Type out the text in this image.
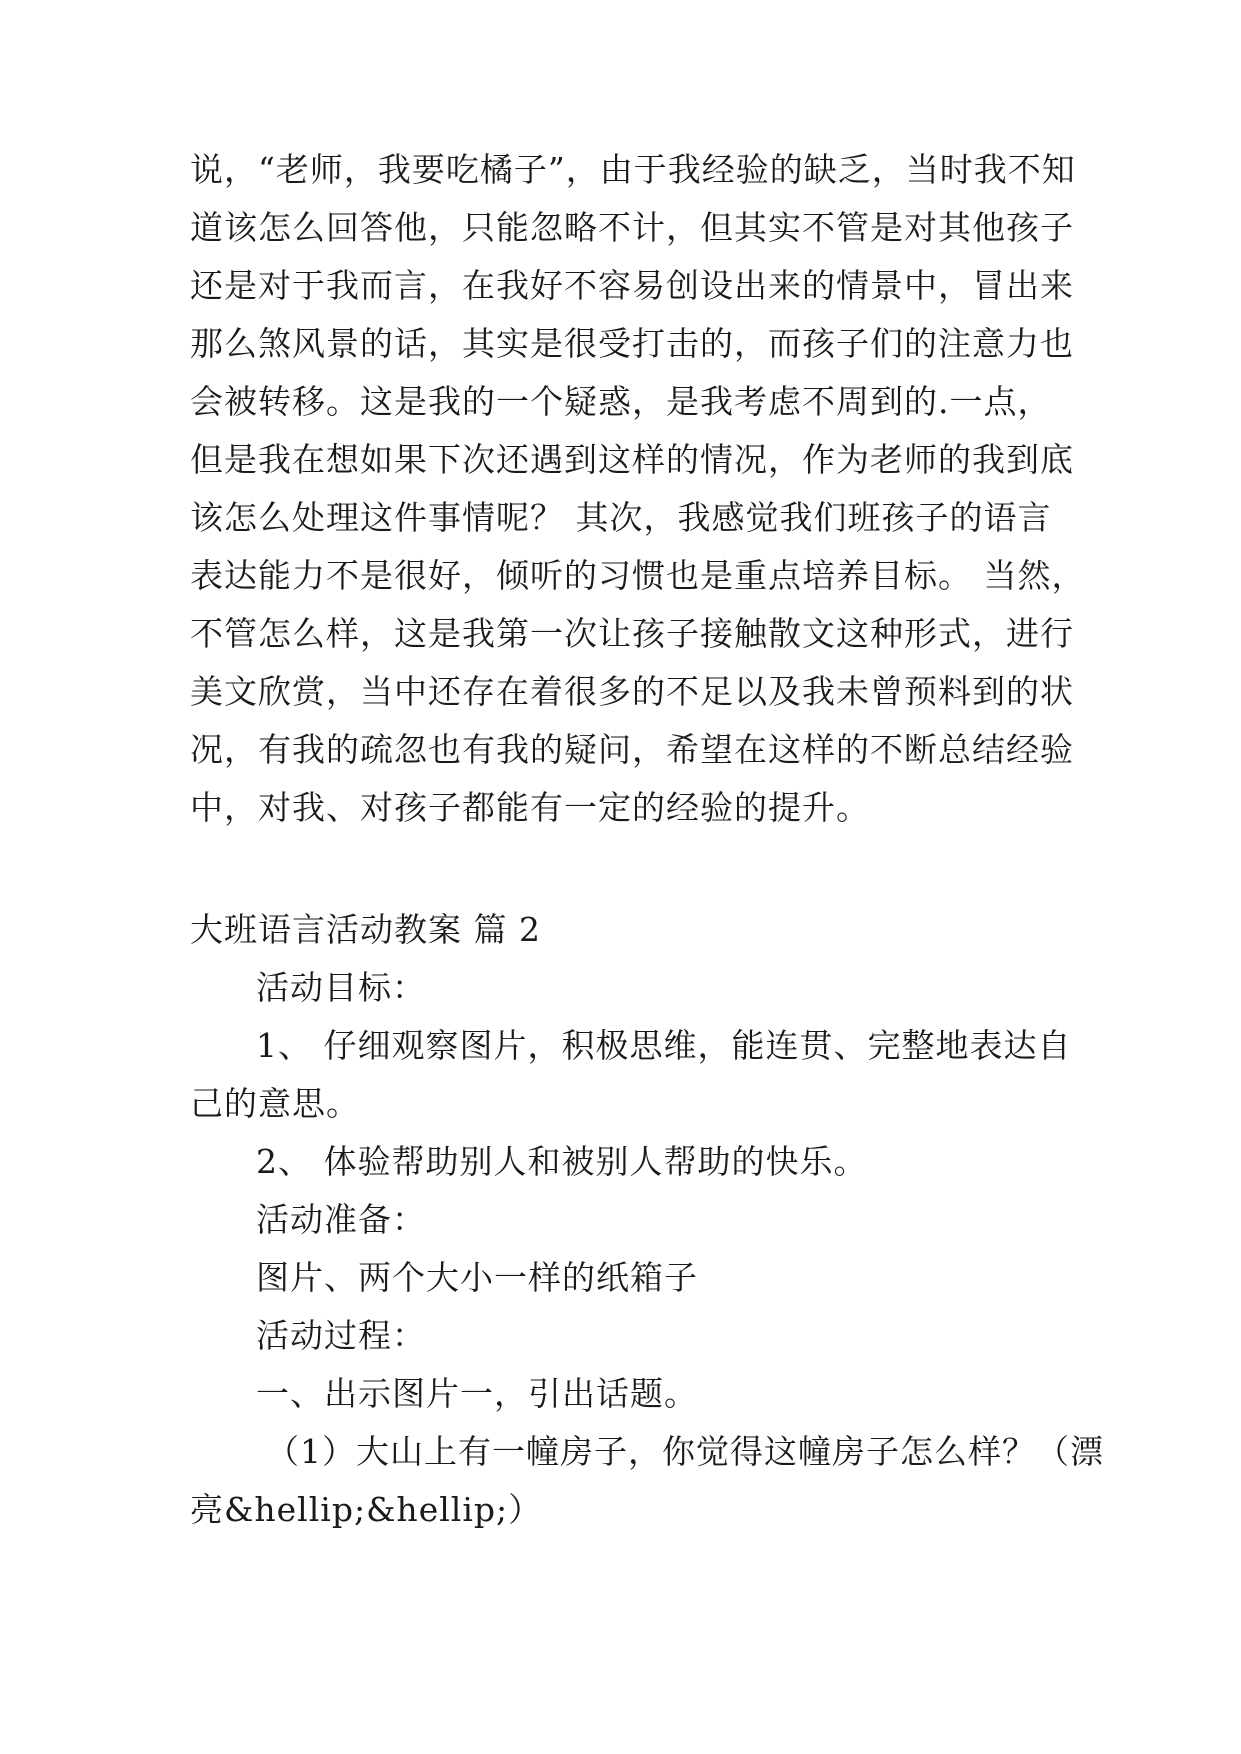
说，“老师，我要吃橘子”，由于我经验的缺乏，当时我不知
道该怎么回答他，只能忽略不计，但其实不管是对其他孩子
还是对于我而言，在我好不容易创设出来的情景中，冒出来
那么煞风景的话，其实是很受打击的，而孩子们的注意力也
会被转移。这是我的一个疑惑，是我考虑不周到的.一点，
但是我在想如果下次还遇到这样的情况，作为老师的我到底
该怎么处理这件事情呢？ 其次，我感觉我们班孩子的语言
表达能力不是很好，倾听的习惯也是重点培养目标。 当然，
不管怎么样，这是我第一次让孩子接触散文这种形式，进行
美文欣赏，当中还存在着很多的不足以及我未曾预料到的状
况，有我的疏忽也有我的疑问，希望在这样的不断总结经验
中，对我、对孩子都能有一定的经验的提升。
大班语言活动教案 篇 2
活动目标：
1、 仔细观察图片，积极思维，能连贯、完整地表达自
己的意思。
2、 体验帮助别人和被别人帮助的快乐。
活动准备：
图片、两个大小一样的纸箱子
活动过程：
一、出示图片一，引出话题。
（1）大山上有一幢房子，你觉得这幢房子怎么样？（漂
亮&hellip;&hellip;）
